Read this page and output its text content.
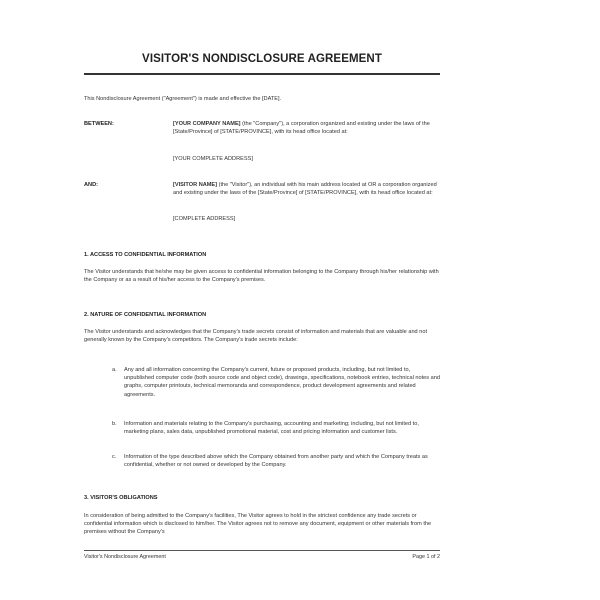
VISITOR'S NONDISCLOSURE AGREEMENT
This Nondisclosure Agreement ("Agreement") is made and effective the [DATE].
BETWEEN:	[YOUR COMPANY NAME] (the "Company"), a corporation organized and existing under the laws of the [State/Province] of [STATE/PROVINCE], with its head office located at:
[YOUR COMPLETE ADDRESS]
AND:	[VISITOR NAME] (the "Visitor"), an individual with his main address located at OR a corporation organized and existing under the laws of the [State/Province] of [STATE/PROVINCE], with its head office located at:
[COMPLETE ADDRESS]
1. ACCESS TO CONFIDENTIAL INFORMATION
The Visitor understands that he/she may be given access to confidential information belonging to the Company through his/her relationship with the Company or as a result of his/her access to the Company's premises.
2. NATURE OF CONFIDENTIAL INFORMATION
The Visitor understands and acknowledges that the Company's trade secrets consist of information and materials that are valuable and not generally known by the Company's competitors. The Company's trade secrets include:
a. Any and all information concerning the Company's current, future or proposed products, including, but not limited to, unpublished computer code (both source code and object code), drawings, specifications, notebook entries, technical notes and graphs, computer printouts, technical memoranda and correspondence, product development agreements and related agreements.
b. Information and materials relating to the Company's purchasing, accounting and marketing; including, but not limited to, marketing plans, sales data, unpublished promotional material, cost and pricing information and customer lists.
c. Information of the type described above which the Company obtained from another party and which the Company treats as confidential, whether or not owned or developed by the Company.
3. VISITOR'S OBLIGATIONS
In consideration of being admitted to the Company's facilities, The Visitor agrees to hold in the strictest confidence any trade secrets or confidential information which is disclosed to him/her. The Visitor agrees not to remove any document, equipment or other materials from the premises without the Company's
Visitor's Nondisclosure Agreement	Page 1 of 2
